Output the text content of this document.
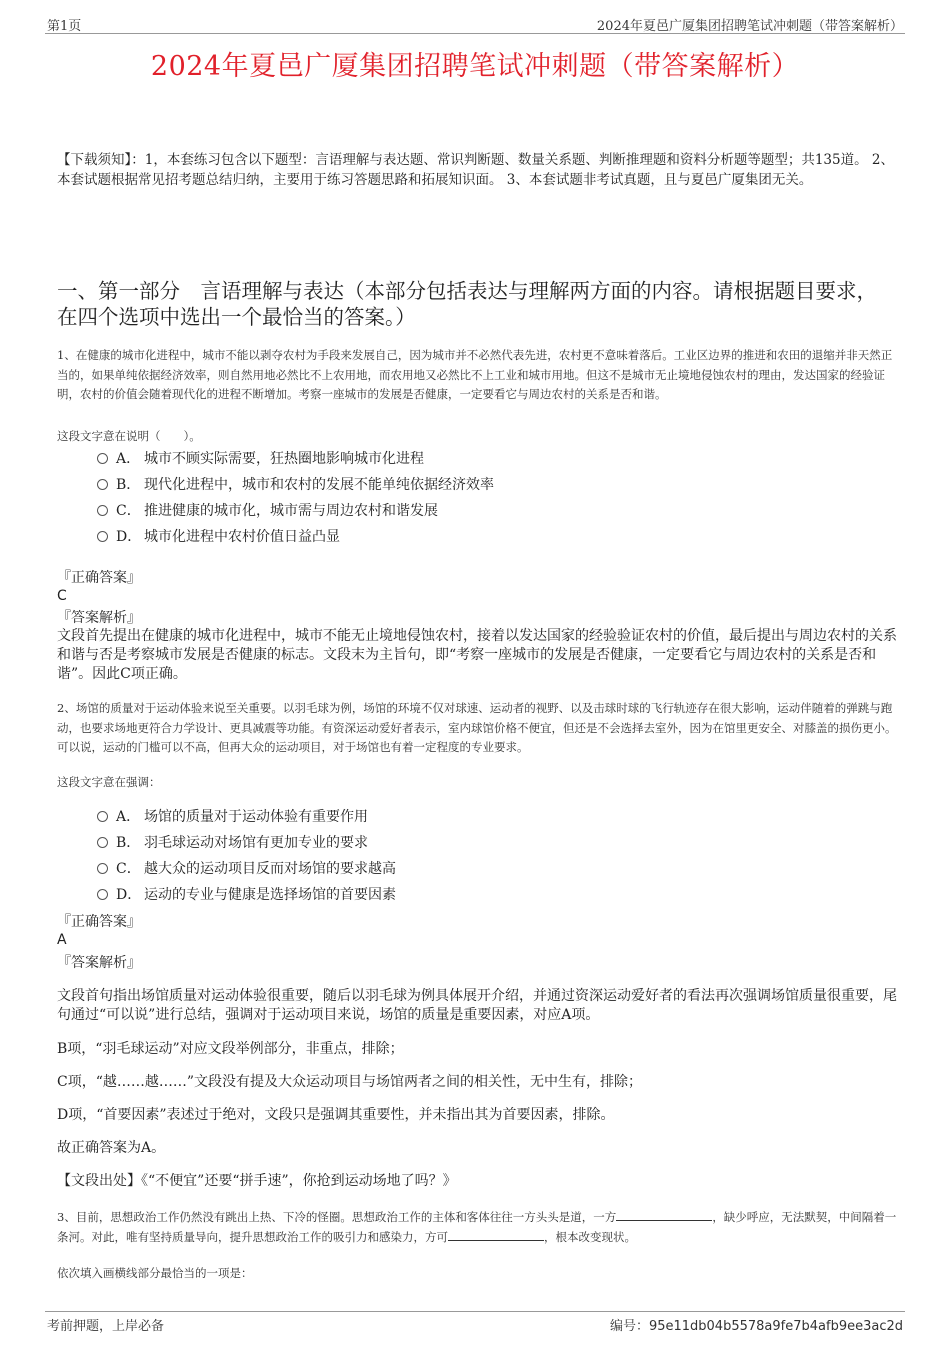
第1页	2024年夏邑广厦集团招聘笔试冲刺题（带答案解析）
2024年夏邑广厦集团招聘笔试冲刺题（带答案解析）

【下载须知】：1，本套练习包含以下题型：言语理解与表达题、常识判断题、数量关系题、判断推理题和资料分析题等题型；共135道。 2、本套试题根据常见招考题总结归纳，主要用于练习答题思路和拓展知识面。 3、本套试题非考试真题，且与夏邑广厦集团无关。

一、第一部分　言语理解与表达（本部分包括表达与理解两方面的内容。请根据题目要求，在四个选项中选出一个最恰当的答案。）

1、在健康的城市化进程中，城市不能以剥夺农村为手段来发展自己，因为城市并不必然代表先进，农村更不意味着落后。工业区边界的推进和农田的退缩并非天然正当的，如果单纯依据经济效率，则自然用地必然比不上农用地，而农用地又必然比不上工业和城市用地。但这不是城市无止境地侵蚀农村的理由，发达国家的经验证明，农村的价值会随着现代化的进程不断增加。考察一座城市的发展是否健康，一定要看它与周边农村的关系是否和谐。

这段文字意在说明（　　）。

A． 城市不顾实际需要，狂热圈地影响城市化进程
B． 现代化进程中，城市和农村的发展不能单纯依据经济效率
C． 推进健康的城市化，城市需与周边农村和谐发展
D． 城市化进程中农村价值日益凸显
『正确答案』
C
『答案解析』

文段首先提出在健康的城市化进程中，城市不能无止境地侵蚀农村，接着以发达国家的经验验证农村的价值，最后提出与周边农村的关系和谐与否是考察城市发展是否健康的标志。文段末为主旨句，即“考察一座城市的发展是否健康，一定要看它与周边农村的关系是否和谐”。因此C项正确。

2、场馆的质量对于运动体验来说至关重要。以羽毛球为例，场馆的环境不仅对球速、运动者的视野、以及击球时球的飞行轨迹存在很大影响，运动伴随着的弹跳与跑动，也要求场地更符合力学设计、更具减震等功能。有资深运动爱好者表示，室内球馆价格不便宜，但还是不会选择去室外，因为在馆里更安全、对膝盖的损伤更小。可以说，运动的门槛可以不高，但再大众的运动项目，对于场馆也有着一定程度的专业要求。

这段文字意在强调：

A． 场馆的质量对于运动体验有重要作用
B． 羽毛球运动对场馆有更加专业的要求
C． 越大众的运动项目反而对场馆的要求越高
D． 运动的专业与健康是选择场馆的首要因素
『正确答案』
A
『答案解析』

文段首句指出场馆质量对运动体验很重要，随后以羽毛球为例具体展开介绍，并通过资深运动爱好者的看法再次强调场馆质量很重要，尾句通过“可以说”进行总结，强调对于运动项目来说，场馆的质量是重要因素，对应A项。

B项，“羽毛球运动”对应文段举例部分，非重点，排除；

C项，“越……越……”文段没有提及大众运动项目与场馆两者之间的相关性，无中生有，排除；

D项，“首要因素”表述过于绝对，文段只是强调其重要性，并未指出其为首要因素，排除。

故正确答案为A。

【文段出处】《“不便宜”还要“拼手速”，你抢到运动场地了吗？》

3、目前，思想政治工作仍然没有跳出上热、下冷的怪圈。思想政治工作的主体和客体往往一方头头是道，一方	，缺少呼应，无法默契，中间隔着一条河。对此，唯有坚持质量导向，提升思想政治工作的吸引力和感染力，方可	，根本改变现状。

依次填入画横线部分最恰当的一项是：

考前押题，上岸必备	编号：95e11db04b5578a9fe7b4afb9ee3ac2d
